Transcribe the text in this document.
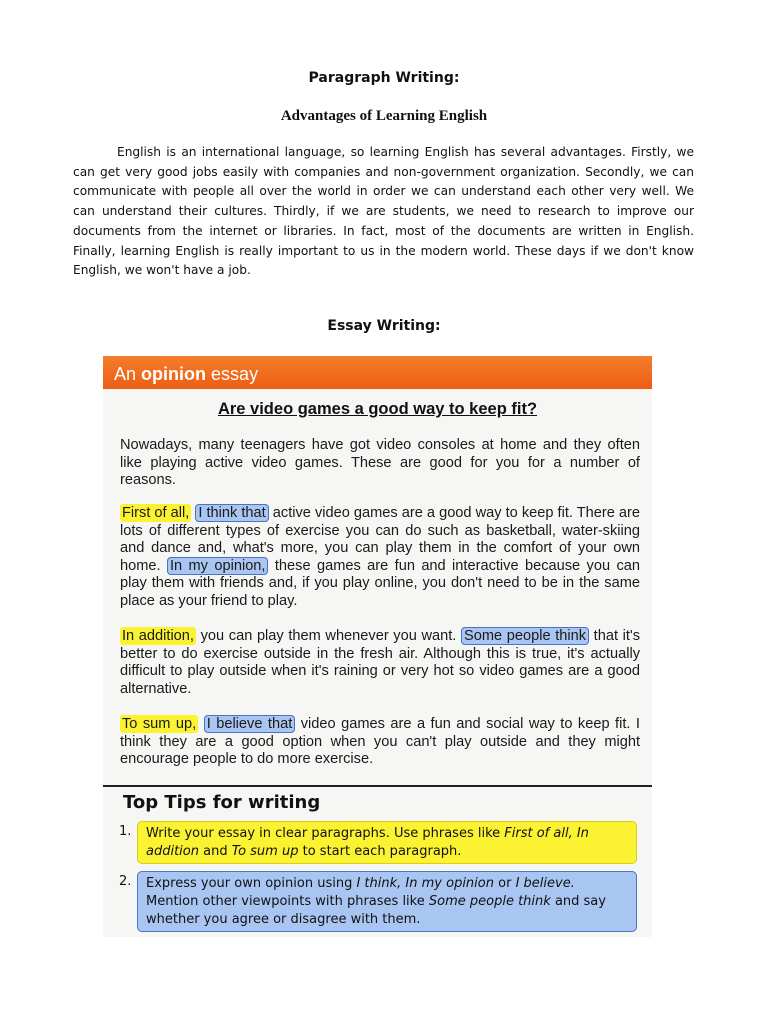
Paragraph Writing:
Advantages of Learning English

English is an international language, so learning English has several advantages. Firstly, we can get very good jobs easily with companies and non-government organization. Secondly, we can communicate with people all over the world in order we can understand each other very well. We can understand their cultures. Thirdly, if we are students, we need to research to improve our documents from the internet or libraries. In fact, most of the documents are written in English. Finally, learning English is really important to us in the modern world. These days if we don't know English, we won't have a job.

Essay Writing:
An opinion essay
Are video games a good way to keep fit?

Nowadays, many teenagers have got video consoles at home and they often like playing active video games. These are good for you for a number of reasons.

First of all, I think that active video games are a good way to keep fit. There are lots of different types of exercise you can do such as basketball, water-skiing and dance and, what's more, you can play them in the comfort of your own home. In my opinion, these games are fun and interactive because you can play them with friends and, if you play online, you don't need to be in the same place as your friend to play.

In addition, you can play them whenever you want. Some people think that it's better to do exercise outside in the fresh air. Although this is true, it's actually difficult to play outside when it's raining or very hot so video games are a good alternative.

To sum up, I believe that video games are a fun and social way to keep fit. I think they are a good option when you can't play outside and they might encourage people to do more exercise.

Top Tips for writing
1.	Write your essay in clear paragraphs. Use phrases like First of all, In addition and To sum up to start each paragraph.
2.	Express your own opinion using I think, In my opinion or I believe. Mention other viewpoints with phrases like Some people think and say whether you agree or disagree with them.
